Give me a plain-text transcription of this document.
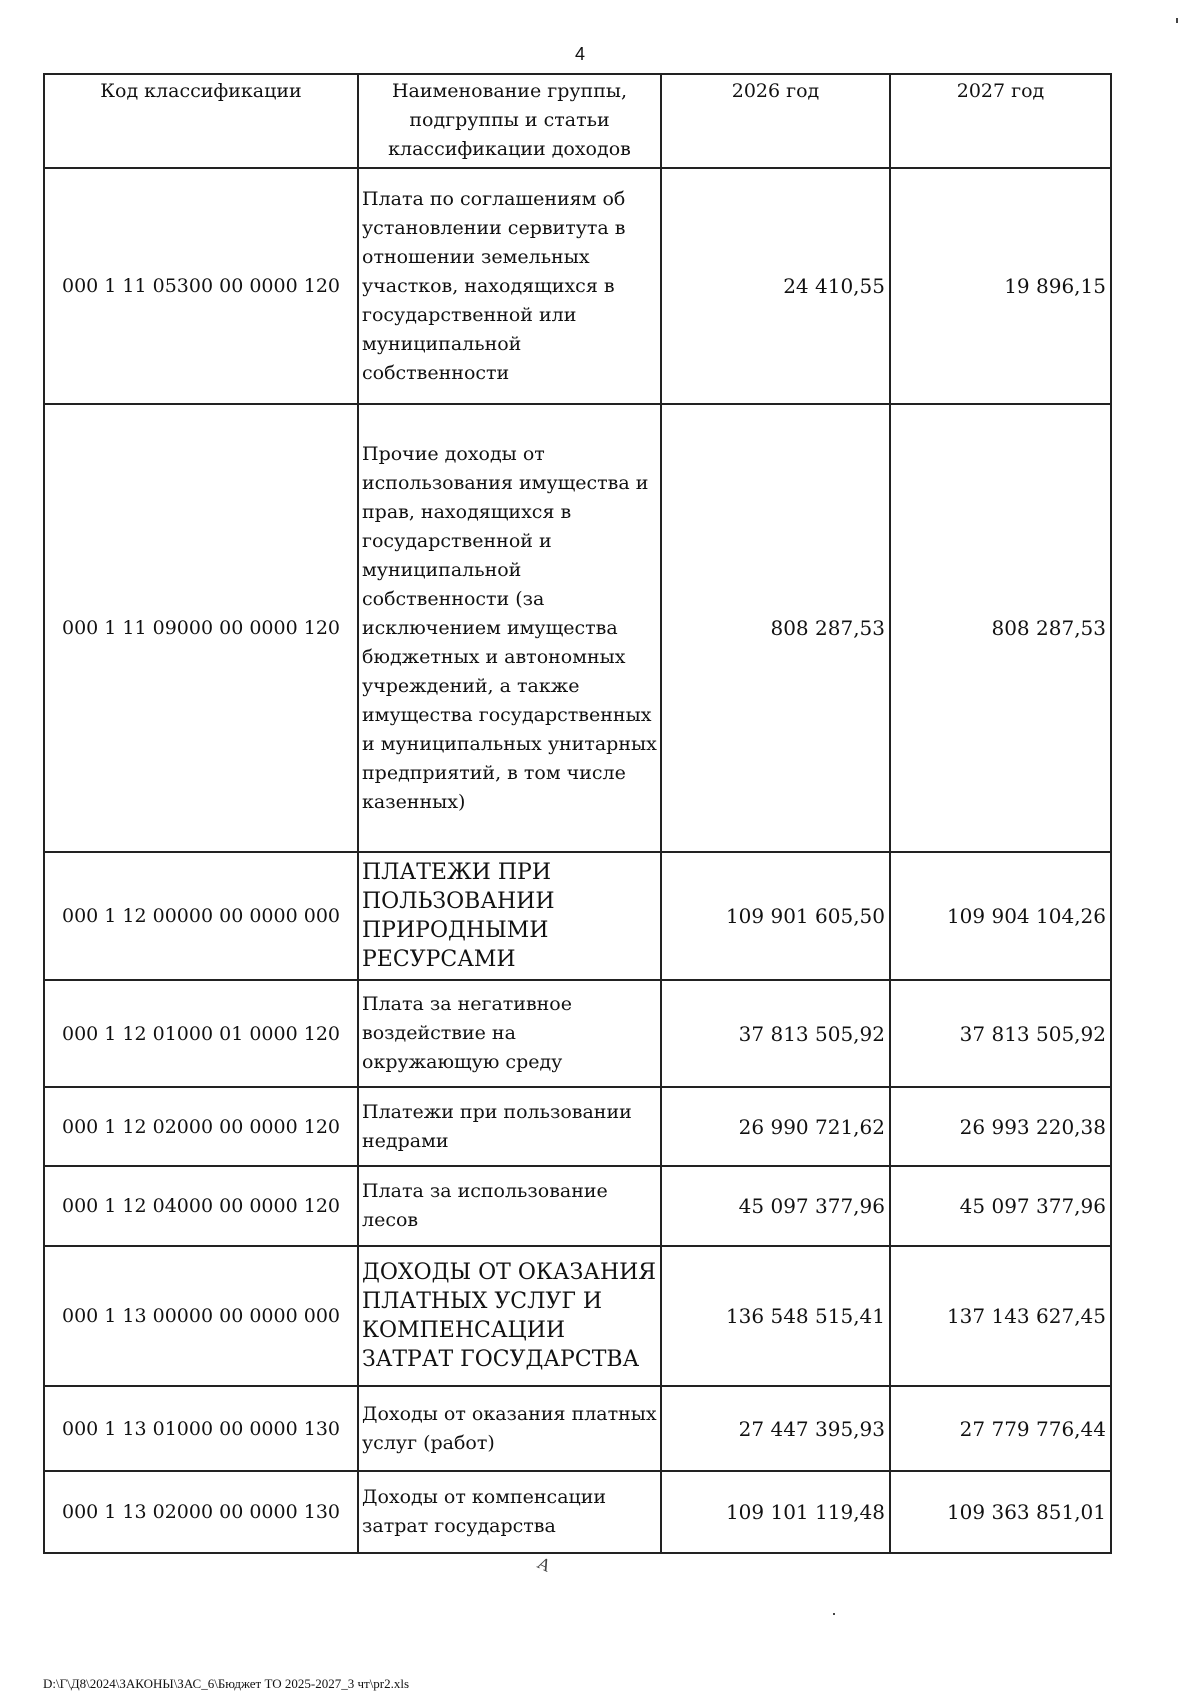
4
Код классификации	Наименование группы, подгруппы и статьи классификации доходов	2026 год	2027 год

000 1 11 05300 00 0000 120	Плата по соглашениям об установлении сервитута в отношении земельных участков, находящихся в государственной или муниципальной собственности	24 410,55	19 896,15
000 1 11 09000 00 0000 120	Прочие доходы от использования имущества и прав, находящихся в государственной и муниципальной собственности (за исключением имущества бюджетных и автономных учреждений, а также имущества государственных и муниципальных унитарных предприятий, в том числе казенных)	808 287,53	808 287,53
000 1 12 00000 00 0000 000	ПЛАТЕЖИ ПРИ ПОЛЬЗОВАНИИ ПРИРОДНЫМИ РЕСУРСАМИ	109 901 605,50	109 904 104,26
000 1 12 01000 01 0000 120	Плата за негативное воздействие на окружающую среду	37 813 505,92	37 813 505,92
000 1 12 02000 00 0000 120	Платежи при пользовании недрами	26 990 721,62	26 993 220,38
000 1 12 04000 00 0000 120	Плата за использование лесов	45 097 377,96	45 097 377,96
000 1 13 00000 00 0000 000	ДОХОДЫ ОТ ОКАЗАНИЯ ПЛАТНЫХ УСЛУГ И КОМПЕНСАЦИИ ЗАТРАТ ГОСУДАРСТВА	136 548 515,41	137 143 627,45
000 1 13 01000 00 0000 130	Доходы от оказания платных услуг (работ)	27 447 395,93	27 779 776,44
000 1 13 02000 00 0000 130	Доходы от компенсации затрат государства	109 101 119,48	109 363 851,01
А
D:\Г\Д8\2024\ЗАКОНЫ\ЗАС_6\Бюджет ТО 2025-2027_3 чт\pr2.xls
